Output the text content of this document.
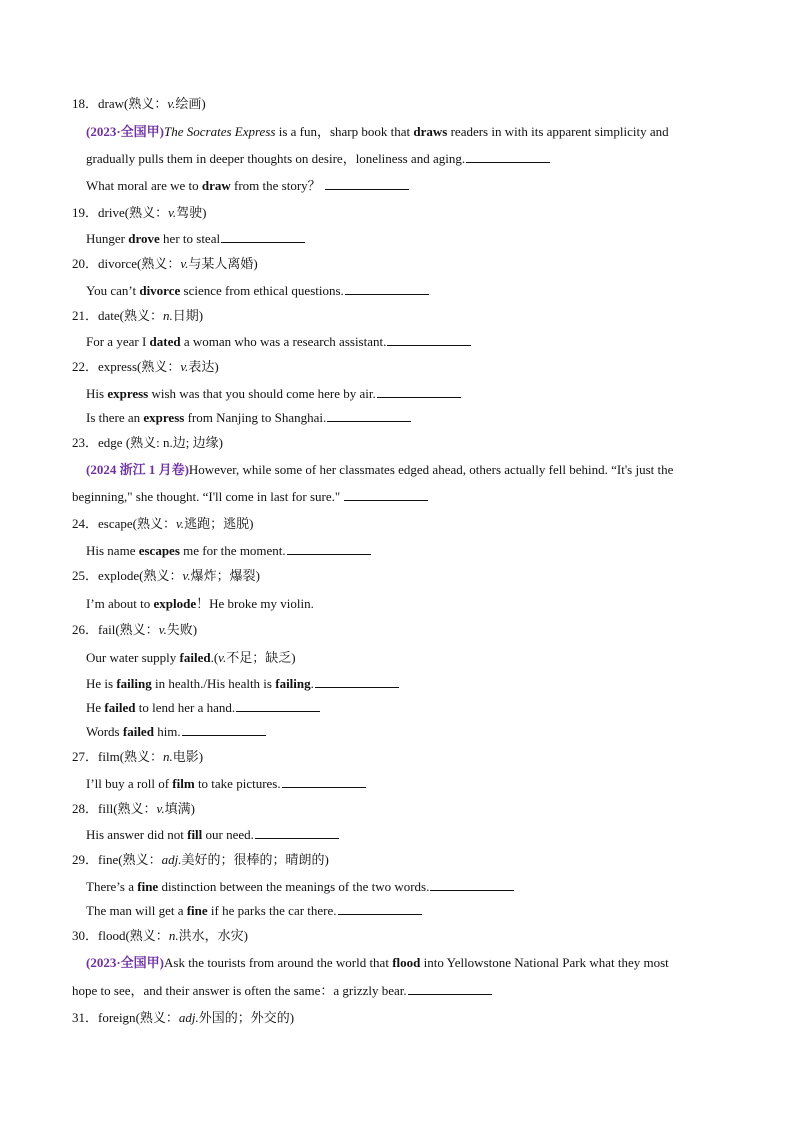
18．draw(熟义：v.绘画)
(2023·全国甲)The Socrates Express is a fun，sharp book that draws readers in with its apparent simplicity and
gradually pulls them in deeper thoughts on desire，loneliness and aging.
What moral are we to draw from the story？
19．drive(熟义：v.驾驶)
Hunger drove her to steal
20．divorce(熟义：v.与某人离婚)
You can’t divorce science from ethical questions.
21．date(熟义：n.日期)
For a year I dated a woman who was a research assistant.
22．express(熟义：v.表达)
His express wish was that you should come here by air.
Is there an express from Nanjing to Shanghai.
23．edge (熟义: n.边; 边缘)
(2024 浙江 1 月卷)However, while some of her classmates edged ahead, others actually fell behind. “It's just the
beginning," she thought. “I'll come in last for sure."
24．escape(熟义：v.逃跑；逃脱)
His name escapes me for the moment.
25．explode(熟义：v.爆炸；爆裂)
I’m about to explode！He broke my violin.
26．fail(熟义：v.失败)
Our water supply failed.(v.不足；缺乏)
He is failing in health./His health is failing.
He failed to lend her a hand.
Words failed him.
27．film(熟义：n.电影)
I’ll buy a roll of film to take pictures.
28．fill(熟义：v.填满)
His answer did not fill our need.
29．fine(熟义：adj.美好的；很棒的；晴朗的)
There’s a fine distinction between the meanings of the two words.
The man will get a fine if he parks the car there.
30．flood(熟义：n.洪水，水灾)
(2023·全国甲)Ask the tourists from around the world that flood into Yellowstone National Park what they most
hope to see，and their answer is often the same：a grizzly bear.
31．foreign(熟义：adj.外国的；外交的)
